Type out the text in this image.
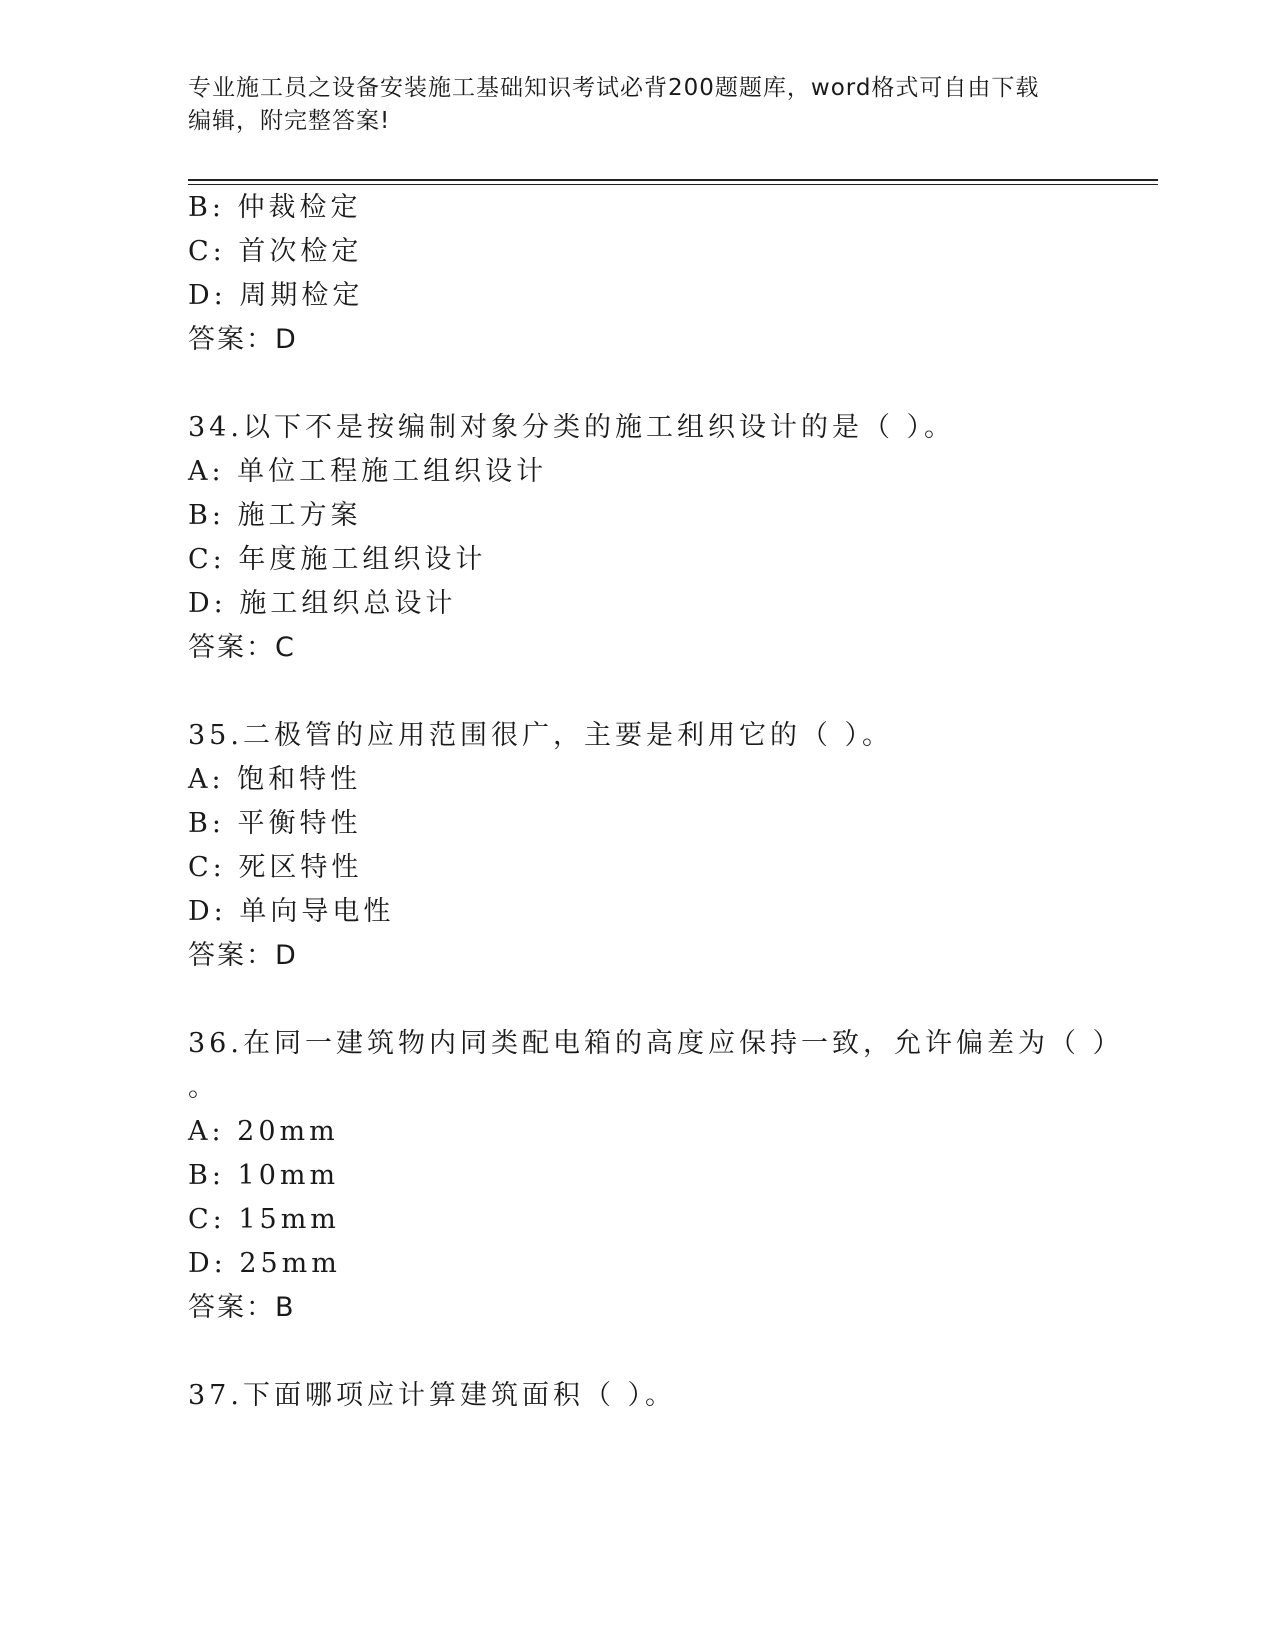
专业施工员之设备安装施工基础知识考试必背200题题库，word格式可自由下载
编辑，附完整答案!
B: 仲裁检定
C: 首次检定
D: 周期检定
答案：D
34.以下不是按编制对象分类的施工组织设计的是（ ）。
A: 单位工程施工组织设计
B: 施工方案
C: 年度施工组织设计
D: 施工组织总设计
答案：C
35.二极管的应用范围很广，主要是利用它的（ ）。
A: 饱和特性
B: 平衡特性
C: 死区特性
D: 单向导电性
答案：D
36.在同一建筑物内同类配电箱的高度应保持一致，允许偏差为（ ）
。
A: 20mm
B: 10mm
C: 15mm
D: 25mm
答案：B
37.下面哪项应计算建筑面积（ ）。
